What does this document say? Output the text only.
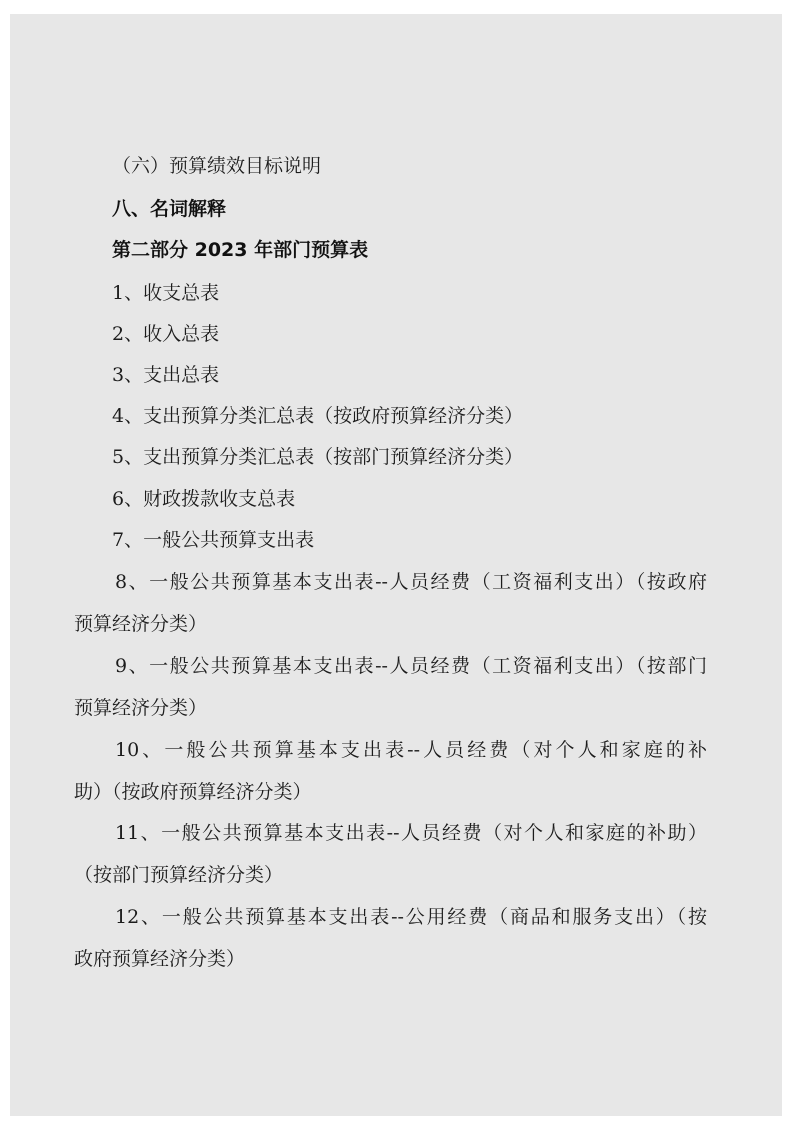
（六）预算绩效目标说明
八、名词解释
第二部分 2023 年部门预算表
1、收支总表
2、收入总表
3、支出总表
4、支出预算分类汇总表（按政府预算经济分类）
5、支出预算分类汇总表（按部门预算经济分类）
6、财政拨款收支总表
7、一般公共预算支出表
8、一般公共预算基本支出表--人员经费（工资福利支出）（按政府
预算经济分类）
9、一般公共预算基本支出表--人员经费（工资福利支出）（按部门
预算经济分类）
10、一般公共预算基本支出表--人员经费（对个人和家庭的补
助）（按政府预算经济分类）
11、一般公共预算基本支出表--人员经费（对个人和家庭的补助）
（按部门预算经济分类）
12、一般公共预算基本支出表--公用经费（商品和服务支出）（按
政府预算经济分类）
